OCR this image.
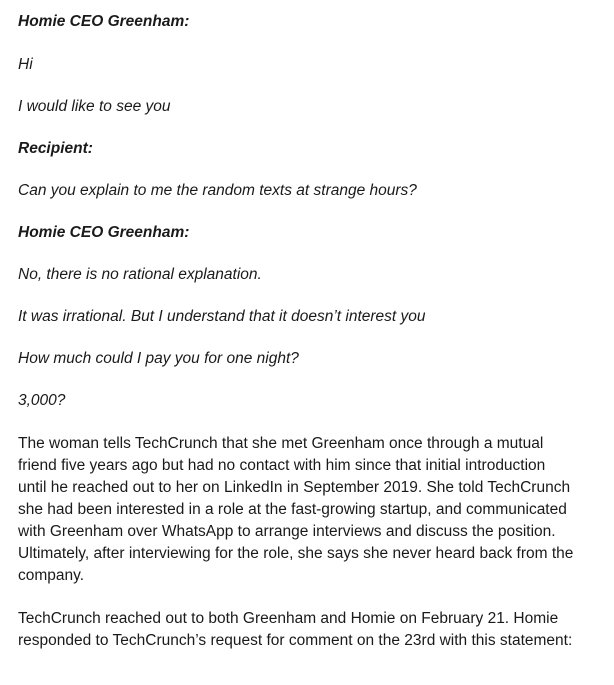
Homie CEO Greenham:

Hi

I would like to see you

Recipient:

Can you explain to me the random texts at strange hours?

Homie CEO Greenham:

No, there is no rational explanation.

It was irrational. But I understand that it doesn’t interest you

How much could I pay you for one night?

3,000?

The woman tells TechCrunch that she met Greenham once through a mutual friend five years ago but had no contact with him since that initial introduction until he reached out to her on LinkedIn in September 2019. She told TechCrunch she had been interested in a role at the fast-growing startup, and communicated with Greenham over WhatsApp to arrange interviews and discuss the position. Ultimately, after interviewing for the role, she says she never heard back from the company.

TechCrunch reached out to both Greenham and Homie on February 21. Homie responded to TechCrunch’s request for comment on the 23rd with this statement:
